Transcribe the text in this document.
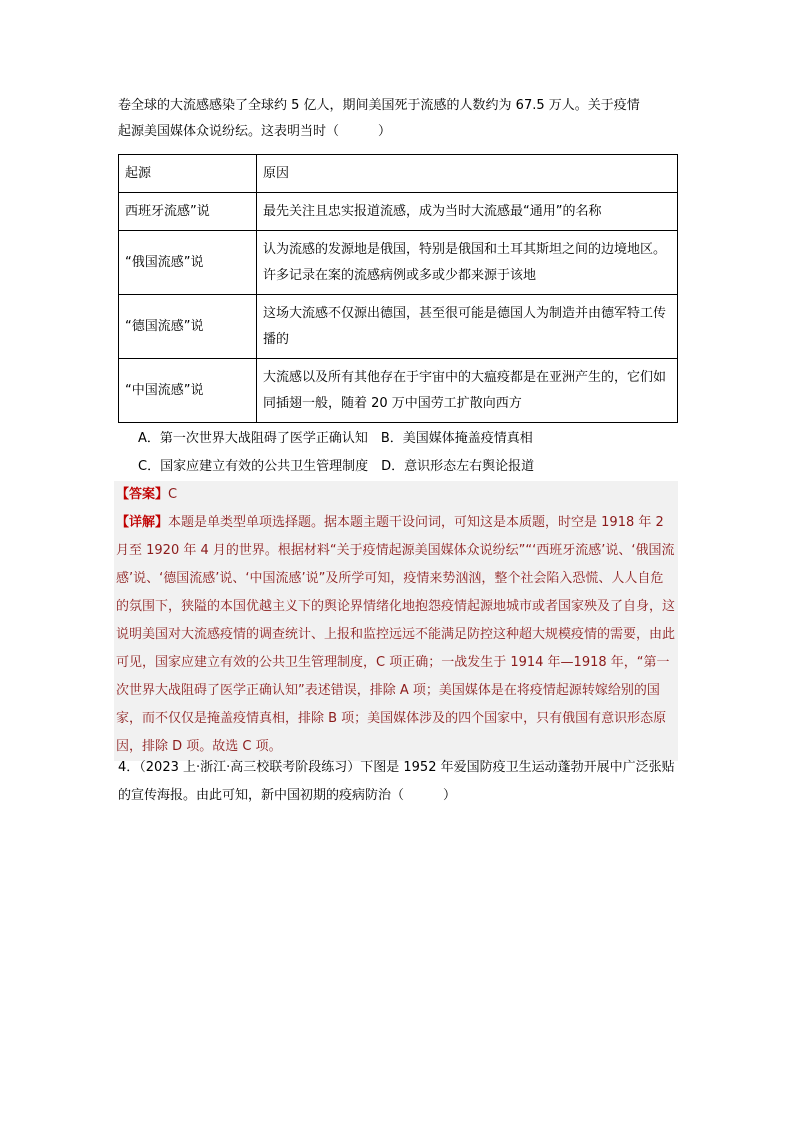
卷全球的大流感感染了全球约 5 亿人，期间美国死于流感的人数约为 67.5 万人。关于疫情

起源美国媒体众说纷纭。这表明当时（　　　）

起源	原因
西班牙流感”说	最先关注且忠实报道流感，成为当时大流感最“通用”的名称
“俄国流感”说	认为流感的发源地是俄国，特别是俄国和土耳其斯坦之间的边境地区。许多记录在案的流感病例或多或少都来源于该地
“德国流感”说	这场大流感不仅源出德国，甚至很可能是德国人为制造并由德军特工传播的
“中国流感”说	大流感以及所有其他存在于宇宙中的大瘟疫都是在亚洲产生的，它们如同插翅一般，随着 20 万中国劳工扩散向西方
A．第一次世界大战阻碍了医学正确认知　B．美国媒体掩盖疫情真相
C．国家应建立有效的公共卫生管理制度　D．意识形态左右舆论报道

【答案】C

【详解】本题是单类型单项选择题。据本题主题干设问词，可知这是本质题，时空是 1918 年 2 月至 1920 年 4 月的世界。根据材料“关于疫情起源美国媒体众说纷纭”“‘西班牙流感’说、‘俄国流感’说、‘德国流感’说、‘中国流感’说”及所学可知，疫情来势汹汹，整个社会陷入恐慌、人人自危的氛围下，狭隘的本国优越主义下的舆论界情绪化地抱怨疫情起源地城市或者国家殃及了自身，这说明美国对大流感疫情的调查统计、上报和监控远远不能满足防控这种超大规模疫情的需要，由此可见，国家应建立有效的公共卫生管理制度，C 项正确；一战发生于 1914 年—1918 年，“第一次世界大战阻碍了医学正确认知”表述错误，排除 A 项；美国媒体是在将疫情起源转嫁给别的国家，而不仅仅是掩盖疫情真相，排除 B 项；美国媒体涉及的四个国家中，只有俄国有意识形态原因，排除 D 项。故选 C 项。

4．（2023 上·浙江·高三校联考阶段练习）下图是 1952 年爱国防疫卫生运动蓬勃开展中广泛张贴的宣传海报。由此可知，新中国初期的疫病防治（　　　）
